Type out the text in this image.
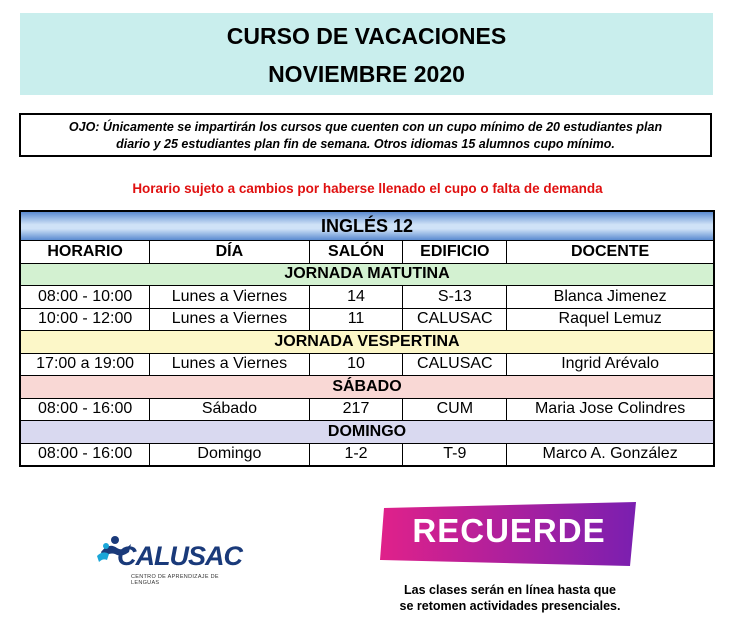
CURSO DE VACACIONES
NOVIEMBRE 2020
OJO: Únicamente se impartirán los cursos que cuenten con un cupo mínimo de 20 estudiantes plan
diario y 25 estudiantes plan fin de semana. Otros idiomas 15 alumnos cupo mínimo.
Horario sujeto a cambios por haberse llenado el cupo o falta de demanda
INGLÉS 12				
HORARIO	DÍA	SALÓN	EDIFICIO	DOCENTE
JORNADA MATUTINA				
08:00 - 10:00	Lunes a Viernes	14	S-13	Blanca Jimenez
10:00 - 12:00	Lunes a Viernes	11	CALUSAC	Raquel Lemuz
JORNADA VESPERTINA				
17:00 a 19:00	Lunes a Viernes	10	CALUSAC	Ingrid Arévalo
SÁBADO				
08:00 - 16:00	Sábado	217	CUM	Maria Jose Colindres
DOMINGO				
08:00 - 16:00	Domingo	1-2	T-9	Marco A. González
CALUSAC
CENTRO DE APRENDIZAJE DE LENGUAS
RECUERDE
Las clases serán en línea hasta que
se retomen actividades presenciales.
